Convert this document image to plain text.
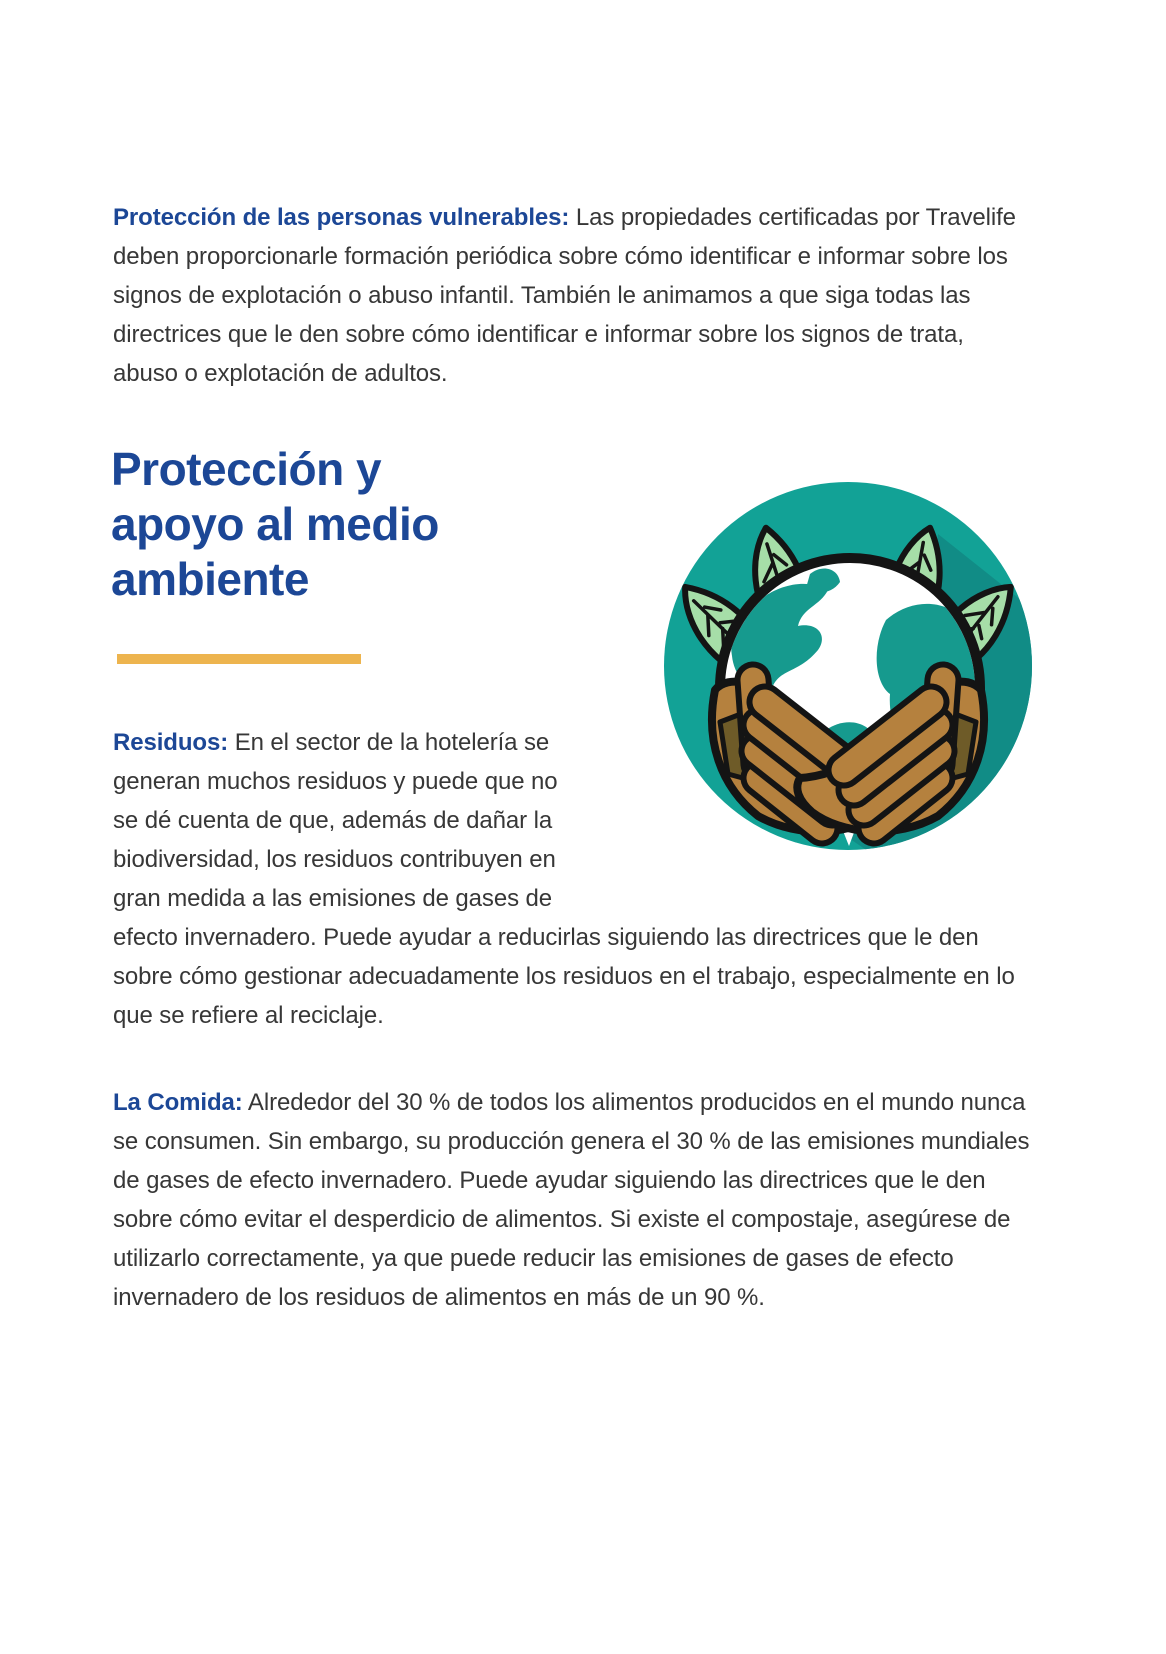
Protección de las personas vulnerables: Las propiedades certificadas por Travelife deben proporcionarle formación periódica sobre cómo identificar e informar sobre los signos de explotación o abuso infantil. También le animamos a que siga todas las directrices que le den sobre cómo identificar e informar sobre los signos de trata, abuso o explotación de adultos.

Protección y apoyo al medio ambiente

Residuos: En el sector de la hotelería se generan muchos residuos y puede que no se dé cuenta de que, además de dañar la biodiversidad, los residuos contribuyen en gran medida a las emisiones de gases de efecto invernadero. Puede ayudar a reducirlas siguiendo las directrices que le den sobre cómo gestionar adecuadamente los residuos en el trabajo, especialmente en lo que se refiere al reciclaje.

La Comida: Alrededor del 30 % de todos los alimentos producidos en el mundo nunca se consumen. Sin embargo, su producción genera el 30 % de las emisiones mundiales de gases de efecto invernadero. Puede ayudar siguiendo las directrices que le den sobre cómo evitar el desperdicio de alimentos. Si existe el compostaje, asegúrese de utilizarlo correctamente, ya que puede reducir las emisiones de gases de efecto invernadero de los residuos de alimentos en más de un 90 %.
